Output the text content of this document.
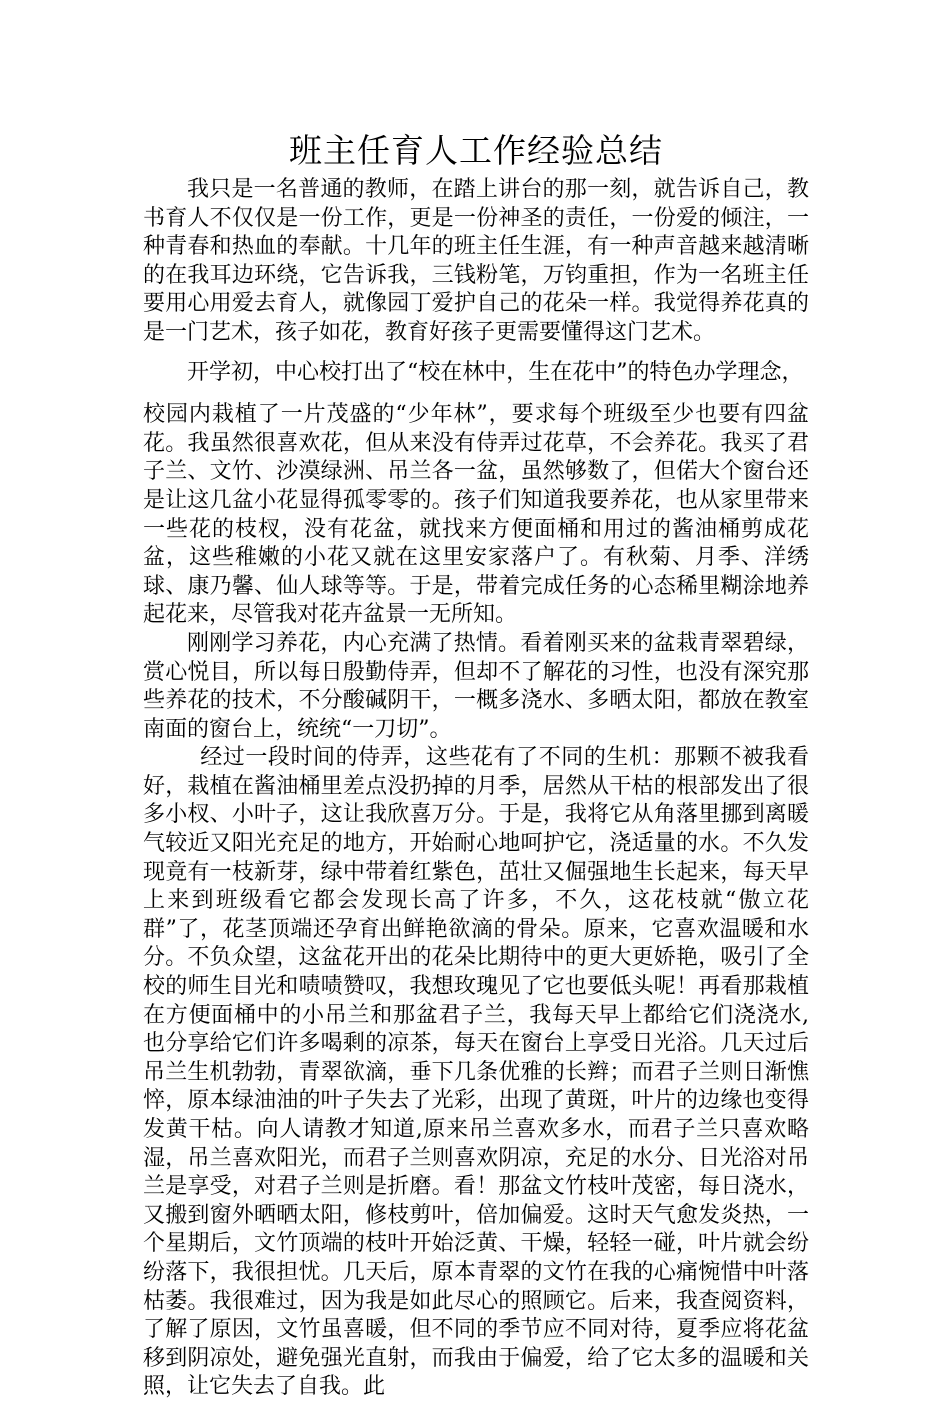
班主任育人工作经验总结

我只是一名普通的教师，在踏上讲台的那一刻，就告诉自己，教书育人不仅仅是一份工作，更是一份神圣的责任，一份爱的倾注，一种青春和热血的奉献。十几年的班主任生涯，有一种声音越来越清晰的在我耳边环绕，它告诉我，三钱粉笔，万钧重担，作为一名班主任要用心用爱去育人，就像园丁爱护自己的花朵一样。我觉得养花真的是一门艺术，孩子如花，教育好孩子更需要懂得这门艺术。

开学初，中心校打出了“校在林中，生在花中”的特色办学理念，

校园内栽植了一片茂盛的“少年林”，要求每个班级至少也要有四盆花。我虽然很喜欢花，但从来没有侍弄过花草，不会养花。我买了君子兰、文竹、沙漠绿洲、吊兰各一盆，虽然够数了，但偌大个窗台还是让这几盆小花显得孤零零的。孩子们知道我要养花，也从家里带来一些花的枝杈，没有花盆，就找来方便面桶和用过的酱油桶剪成花盆，这些稚嫩的小花又就在这里安家落户了。有秋菊、月季、洋绣球、康乃馨、仙人球等等。于是，带着完成任务的心态稀里糊涂地养起花来，尽管我对花卉盆景一无所知。

刚刚学习养花，内心充满了热情。看着刚买来的盆栽青翠碧绿，赏心悦目，所以每日殷勤侍弄，但却不了解花的习性，也没有深究那些养花的技术，不分酸碱阴干，一概多浇水、多晒太阳，都放在教室南面的窗台上，统统“一刀切”。

经过一段时间的侍弄，这些花有了不同的生机：那颗不被我看好，栽植在酱油桶里差点没扔掉的月季，居然从干枯的根部发出了很多小杈、小叶子，这让我欣喜万分。于是，我将它从角落里挪到离暖气较近又阳光充足的地方，开始耐心地呵护它，浇适量的水。不久发现竟有一枝新芽，绿中带着红紫色，茁壮又倔强地生长起来，每天早上来到班级看它都会发现长高了许多，不久，这花枝就“傲立花群”了，花茎顶端还孕育出鲜艳欲滴的骨朵。原来，它喜欢温暖和水分。不负众望，这盆花开出的花朵比期待中的更大更娇艳，吸引了全校的师生目光和啧啧赞叹，我想玫瑰见了它也要低头呢！再看那栽植在方便面桶中的小吊兰和那盆君子兰，我每天早上都给它们浇浇水,也分享给它们许多喝剩的凉茶，每天在窗台上享受日光浴。几天过后吊兰生机勃勃，青翠欲滴，垂下几条优雅的长辫；而君子兰则日渐憔悴，原本绿油油的叶子失去了光彩，出现了黄斑，叶片的边缘也变得发黄干枯。向人请教才知道,原来吊兰喜欢多水，而君子兰只喜欢略湿，吊兰喜欢阳光，而君子兰则喜欢阴凉，充足的水分、日光浴对吊兰是享受，对君子兰则是折磨。看！那盆文竹枝叶茂密，每日浇水，又搬到窗外晒晒太阳，修枝剪叶，倍加偏爱。这时天气愈发炎热，一个星期后，文竹顶端的枝叶开始泛黄、干燥，轻轻一碰，叶片就会纷纷落下，我很担忧。几天后，原本青翠的文竹在我的心痛惋惜中叶落枯萎。我很难过，因为我是如此尽心的照顾它。后来，我查阅资料，了解了原因，文竹虽喜暖，但不同的季节应不同对待，夏季应将花盆移到阴凉处，避免强光直射，而我由于偏爱，给了它太多的温暖和关照，让它失去了自我。此
